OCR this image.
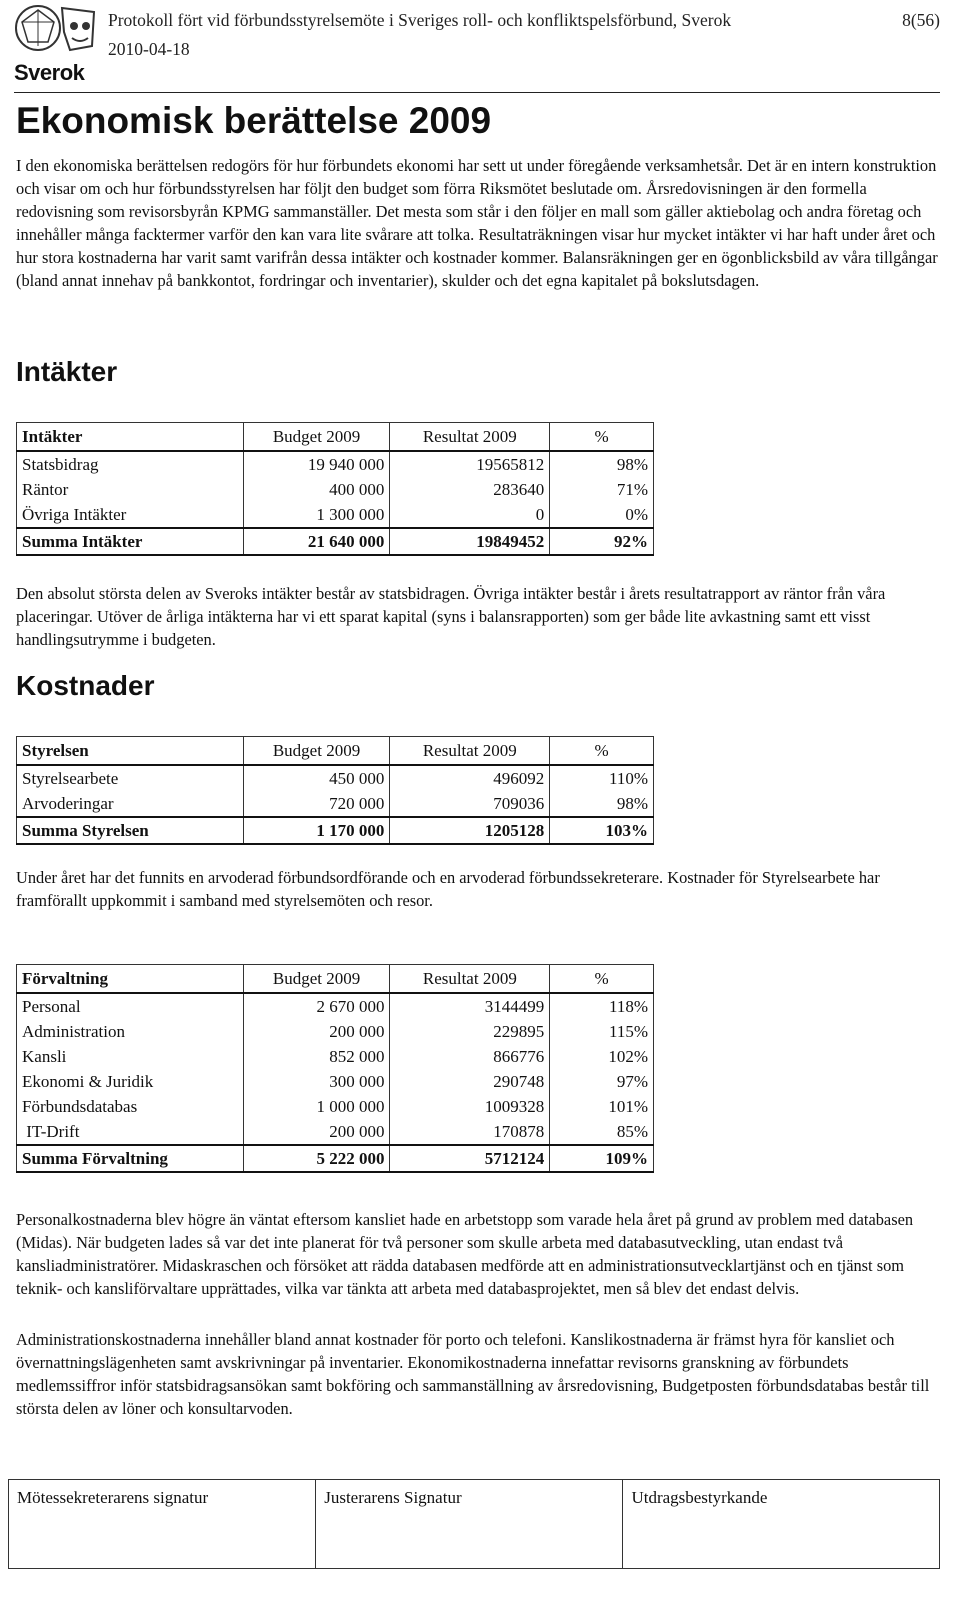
Sverok
Protokoll fört vid förbundsstyrelsemöte i Sveriges roll- och konfliktspelsförbund, Sverok
2010-04-18
8(56)
Ekonomisk berättelse 2009

I den ekonomiska berättelsen redogörs för hur förbundets ekonomi har sett ut under föregående verksamhetsår. Det är en intern konstruktion och visar om och hur förbundsstyrelsen har följt den budget som förra Riksmötet beslutade om. Årsredovisningen är den formella redovisning som revisorsbyrån KPMG sammanställer. Det mesta som står i den följer en mall som gäller aktiebolag och andra företag och innehåller många facktermer varför den kan vara lite svårare att tolka. Resultaträkningen visar hur mycket intäkter vi har haft under året och hur stora kostnaderna har varit samt varifrån dessa intäkter och kostnader kommer. Balansräkningen ger en ögonblicksbild av våra tillgångar (bland annat innehav på bankkontot, fordringar och inventarier), skulder och det egna kapitalet på bokslutsdagen.

Intäkter
Intäkter	Budget 2009	Resultat 2009	%
Statsbidrag	19 940 000	19565812	98%
Räntor	400 000	283640	71%
Övriga Intäkter	1 300 000	0	0%
Summa Intäkter	21 640 000	19849452	92%

Den absolut största delen av Sveroks intäkter består av statsbidragen. Övriga intäkter består i årets resultatrapport av räntor från våra placeringar. Utöver de årliga intäkterna har vi ett sparat kapital (syns i balansrapporten) som ger både lite avkastning samt ett visst handlingsutrymme i budgeten.

Kostnader
Styrelsen	Budget 2009	Resultat 2009	%
Styrelsearbete	450 000	496092	110%
Arvoderingar	720 000	709036	98%
Summa Styrelsen	1 170 000	1205128	103%

Under året har det funnits en arvoderad förbundsordförande och en arvoderad förbundssekreterare. Kostnader för Styrelsearbete har framförallt uppkommit i samband med styrelsemöten och resor.

Förvaltning	Budget 2009	Resultat 2009	%
Personal	2 670 000	3144499	118%
Administration	200 000	229895	115%
Kansli	852 000	866776	102%
Ekonomi & Juridik	300 000	290748	97%
Förbundsdatabas	1 000 000	1009328	101%
IT-Drift	200 000	170878	85%
Summa Förvaltning	5 222 000	5712124	109%

Personalkostnaderna blev högre än väntat eftersom kansliet hade en arbetstopp som varade hela året på grund av problem med databasen (Midas). När budgeten lades så var det inte planerat för två personer som skulle arbeta med databasutveckling, utan endast två kansliadministratörer. Midaskraschen och försöket att rädda databasen medförde att en administrationsutvecklartjänst och en tjänst som teknik- och kansliförvaltare upprättades, vilka var tänkta att arbeta med databasprojektet, men så blev det endast delvis.

Administrationskostnaderna innehåller bland annat kostnader för porto och telefoni. Kanslikostnaderna är främst hyra för kansliet och övernattningslägenheten samt avskrivningar på inventarier. Ekonomikostnaderna innefattar revisorns granskning av förbundets medlemssiffror inför statsbidragsansökan samt bokföring och sammanställning av årsredovisning, Budgetposten förbundsdatabas består till största delen av löner och konsultarvoden.

Mötessekreterarens signatur	Justerarens Signatur	Utdragsbestyrkande
